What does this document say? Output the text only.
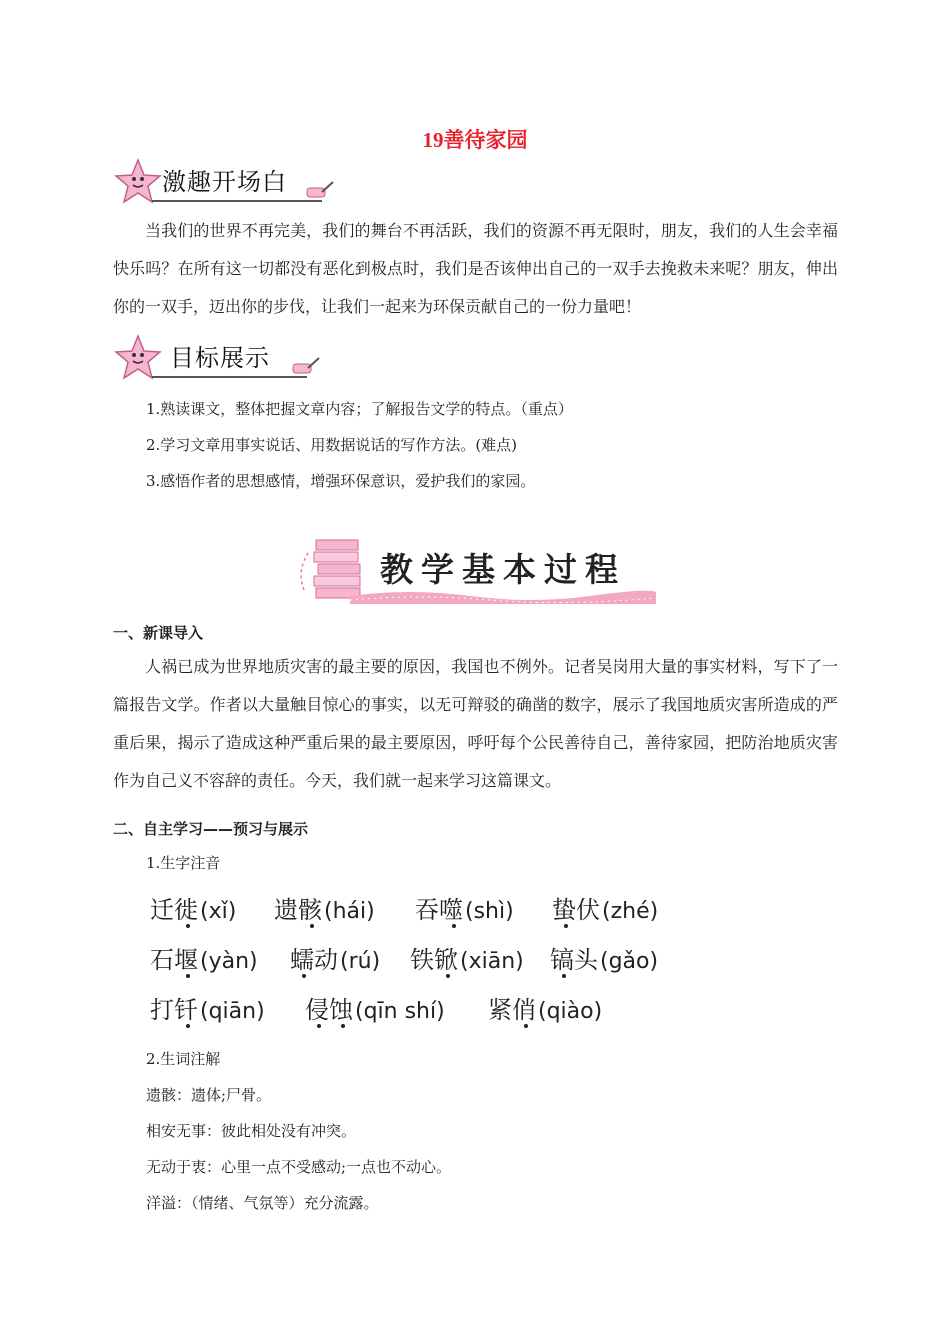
19善待家园
激趣开场白
当我们的世界不再完美，我们的舞台不再活跃，我们的资源不再无限时，朋友，我们的人生会幸福快乐吗？在所有这一切都没有恶化到极点时，我们是否该伸出自己的一双手去挽救未来呢？朋友，伸出你的一双手，迈出你的步伐，让我们一起来为环保贡献自己的一份力量吧！
目标展示
1.熟读课文，整体把握文章内容；了解报告文学的特点。（重点）
2.学习文章用事实说话、用数据说话的写作方法。(难点)
3.感悟作者的思想感情，增强环保意识，爱护我们的家园。
教学基本过程
一、新课导入
人祸已成为世界地质灾害的最主要的原因，我国也不例外。记者吴岗用大量的事实材料，写下了一篇报告文学。作者以大量触目惊心的事实，以无可辩驳的确凿的数字，展示了我国地质灾害所造成的严重后果，揭示了造成这种严重后果的最主要原因，呼吁每个公民善待自己，善待家园，把防治地质灾害作为自己义不容辞的责任。今天，我们就一起来学习这篇课文。
二、自主学习——预习与展示
1.生字注音
迁徙(xǐ) 遗骸(hái) 吞噬(shì) 蛰伏(zhé)
石堰(yàn) 蠕动(rú) 铁锨(xiān) 镐头(gǎo)
打钎(qiān) 侵蚀(qīn shí) 紧俏(qiào)
2.生词注解
遗骸：遗体;尸骨。
相安无事：彼此相处没有冲突。
无动于衷：心里一点不受感动;一点也不动心。
洋溢：（情绪、气氛等）充分流露。
